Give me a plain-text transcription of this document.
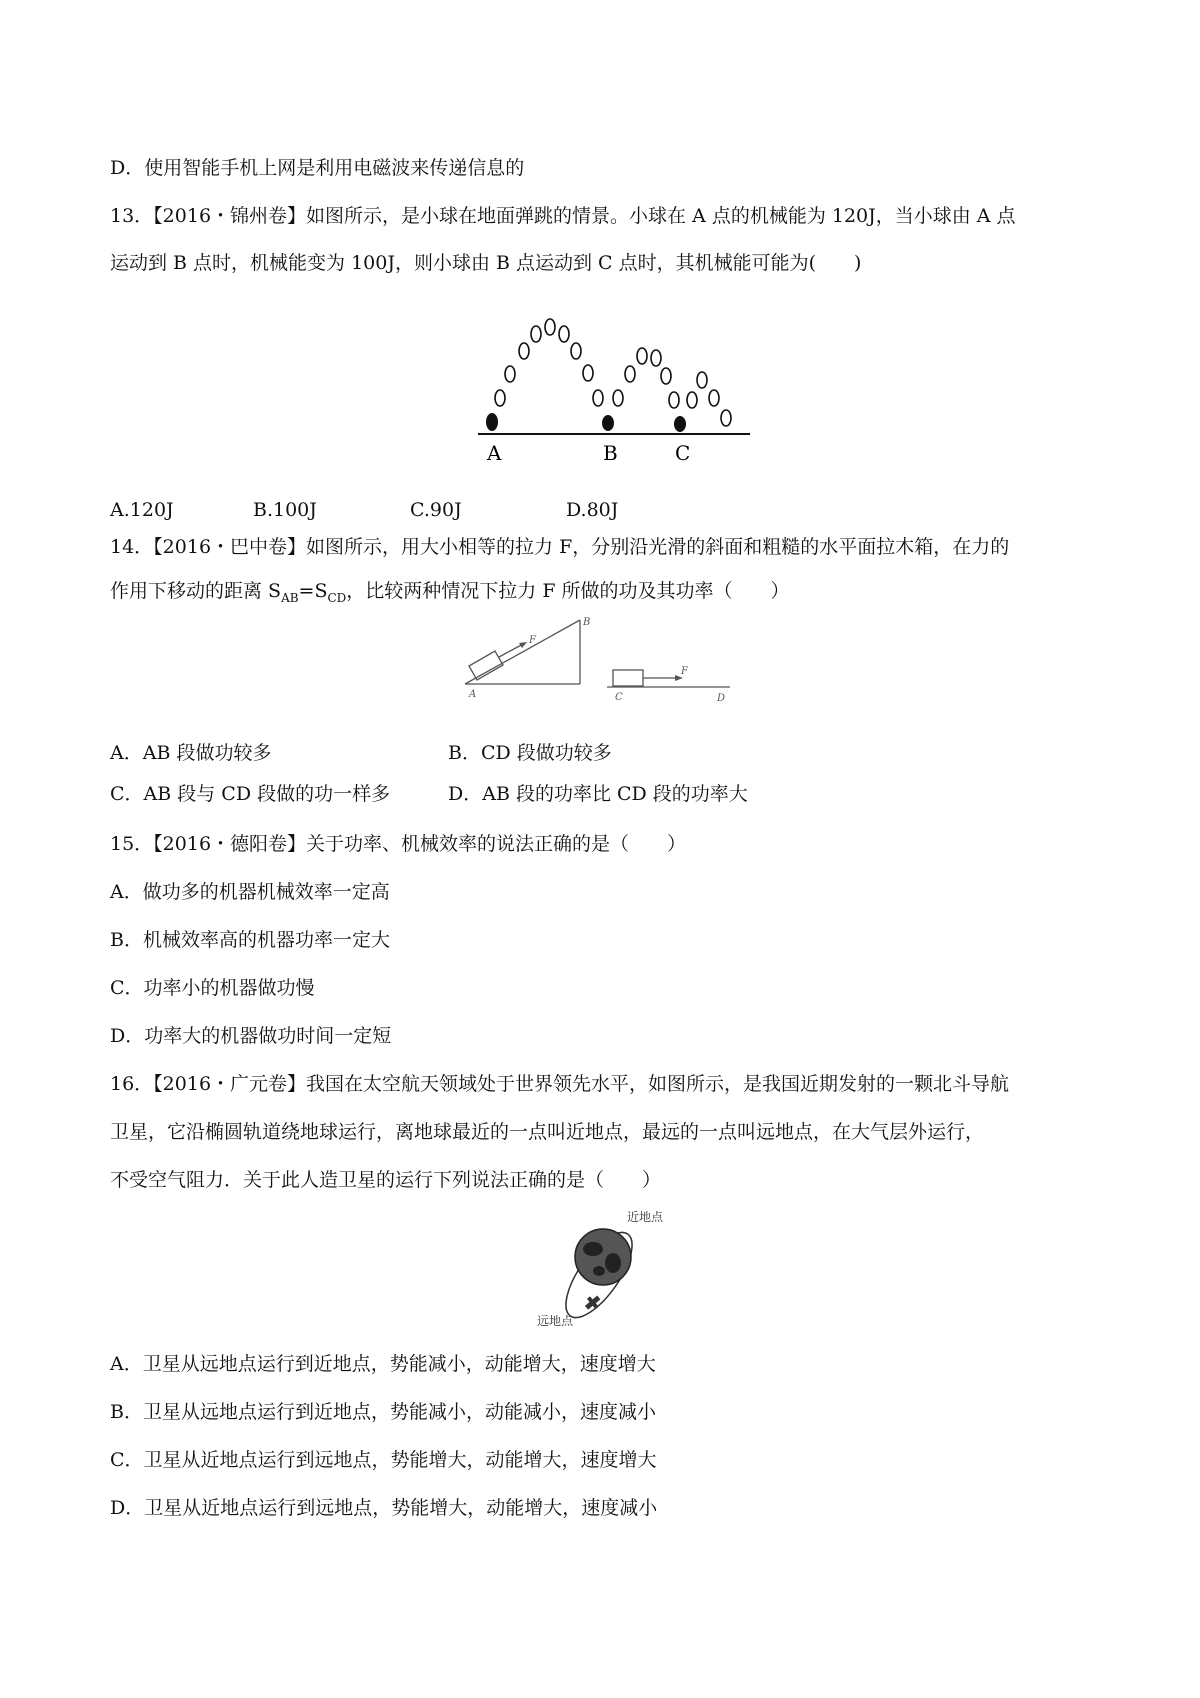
D．使用智能手机上网是利用电磁波来传递信息的
13．【2016・锦州卷】如图所示，是小球在地面弹跳的情景。小球在 A 点的机械能为 120J，当小球由 A 点
运动到 B 点时，机械能变为 100J，则小球由 B 点运动到 C 点时，其机械能可能为(　　)
A	B	C
A.120J	B.100J	C.90J	D.80J
14．【2016・巴中卷】如图所示，用大小相等的拉力 F，分别沿光滑的斜面和粗糙的水平面拉木箱，在力的
作用下移动的距离 $S_{AB}=S_{CD}$，比较两种情况下拉力 F 所做的功及其功率（　　）
A
B
F
C	D
F
A．AB 段做功较多	B．CD 段做功较多
C．AB 段与 CD 段做的功一样多	D．AB 段的功率比 CD 段的功率大
15．【2016・德阳卷】关于功率、机械效率的说法正确的是（　　）
A．做功多的机器机械效率一定高
B．机械效率高的机器功率一定大
C．功率小的机器做功慢
D．功率大的机器做功时间一定短
16．【2016・广元卷】我国在太空航天领域处于世界领先水平，如图所示，是我国近期发射的一颗北斗导航
卫星，它沿椭圆轨道绕地球运行，离地球最近的一点叫近地点，最远的一点叫远地点，在大气层外运行，
不受空气阻力．关于此人造卫星的运行下列说法正确的是（　　）
近地点
远地点
A．卫星从远地点运行到近地点，势能减小，动能增大，速度增大
B．卫星从远地点运行到近地点，势能减小，动能减小，速度减小
C．卫星从近地点运行到远地点，势能增大，动能增大，速度增大
D．卫星从近地点运行到远地点，势能增大，动能增大，速度减小
